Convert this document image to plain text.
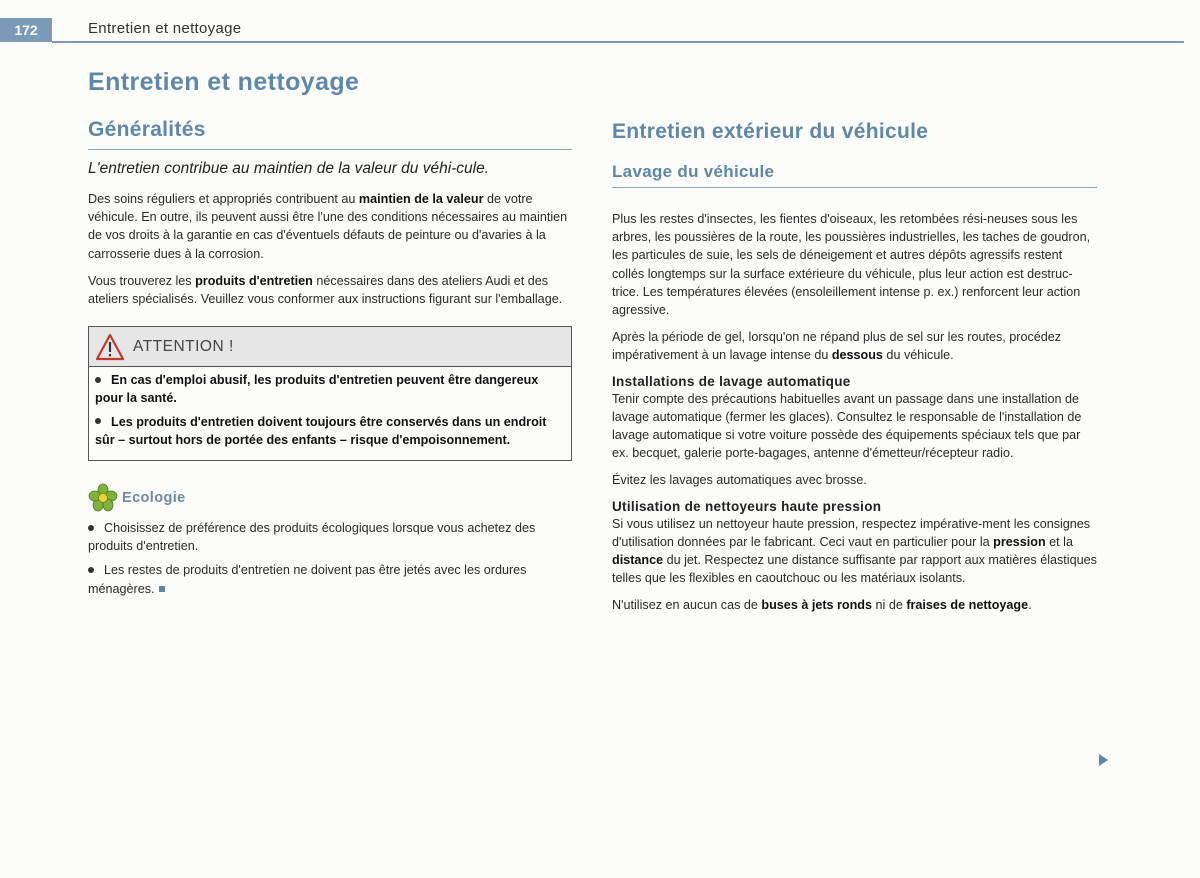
172	Entretien et nettoyage
Entretien et nettoyage
Généralités

L'entretien contribue au maintien de la valeur du véhi-cule.

Des soins réguliers et appropriés contribuent au maintien de la valeur de votre véhicule. En outre, ils peuvent aussi être l'une des conditions nécessaires au maintien de vos droits à la garantie en cas d'éventuels défauts de peinture ou d'avaries à la carrosserie dues à la corrosion.

Vous trouverez les produits d'entretien nécessaires dans des ateliers Audi et des ateliers spécialisés. Veuillez vous conformer aux instructions figurant sur l'emballage.

ATTENTION !

En cas d'emploi abusif, les produits d'entretien peuvent être dangereux pour la santé.

Les produits d'entretien doivent toujours être conservés dans un endroit sûr – surtout hors de portée des enfants – risque d'empoisonnement.

Ecologie

Choisissez de préférence des produits écologiques lorsque vous achetez des produits d'entretien.

Les restes de produits d'entretien ne doivent pas être jetés avec les ordures ménagères.

Entretien extérieur du véhicule
Lavage du véhicule

Plus les restes d'insectes, les fientes d'oiseaux, les retombées rési-neuses sous les arbres, les poussières de la route, les poussières industrielles, les taches de goudron, les particules de suie, les sels de déneigement et autres dépôts agressifs restent collés longtemps sur la surface extérieure du véhicule, plus leur action est destruc-trice. Les températures élevées (ensoleillement intense p. ex.) renforcent leur action agressive.

Après la période de gel, lorsqu'on ne répand plus de sel sur les routes, procédez impérativement à un lavage intense du dessous du véhicule.

Installations de lavage automatique

Tenir compte des précautions habituelles avant un passage dans une installation de lavage automatique (fermer les glaces). Consultez le responsable de l'installation de lavage automatique si votre voiture possède des équipements spéciaux tels que par ex. becquet, galerie porte-bagages, antenne d'émetteur/récepteur radio.

Évitez les lavages automatiques avec brosse.

Utilisation de nettoyeurs haute pression

Si vous utilisez un nettoyeur haute pression, respectez impérative-ment les consignes d'utilisation données par le fabricant. Ceci vaut en particulier pour la pression et la distance du jet. Respectez une distance suffisante par rapport aux matières élastiques telles que les flexibles en caoutchouc ou les matériaux isolants.

N'utilisez en aucun cas de buses à jets ronds ni de fraises de nettoyage.
